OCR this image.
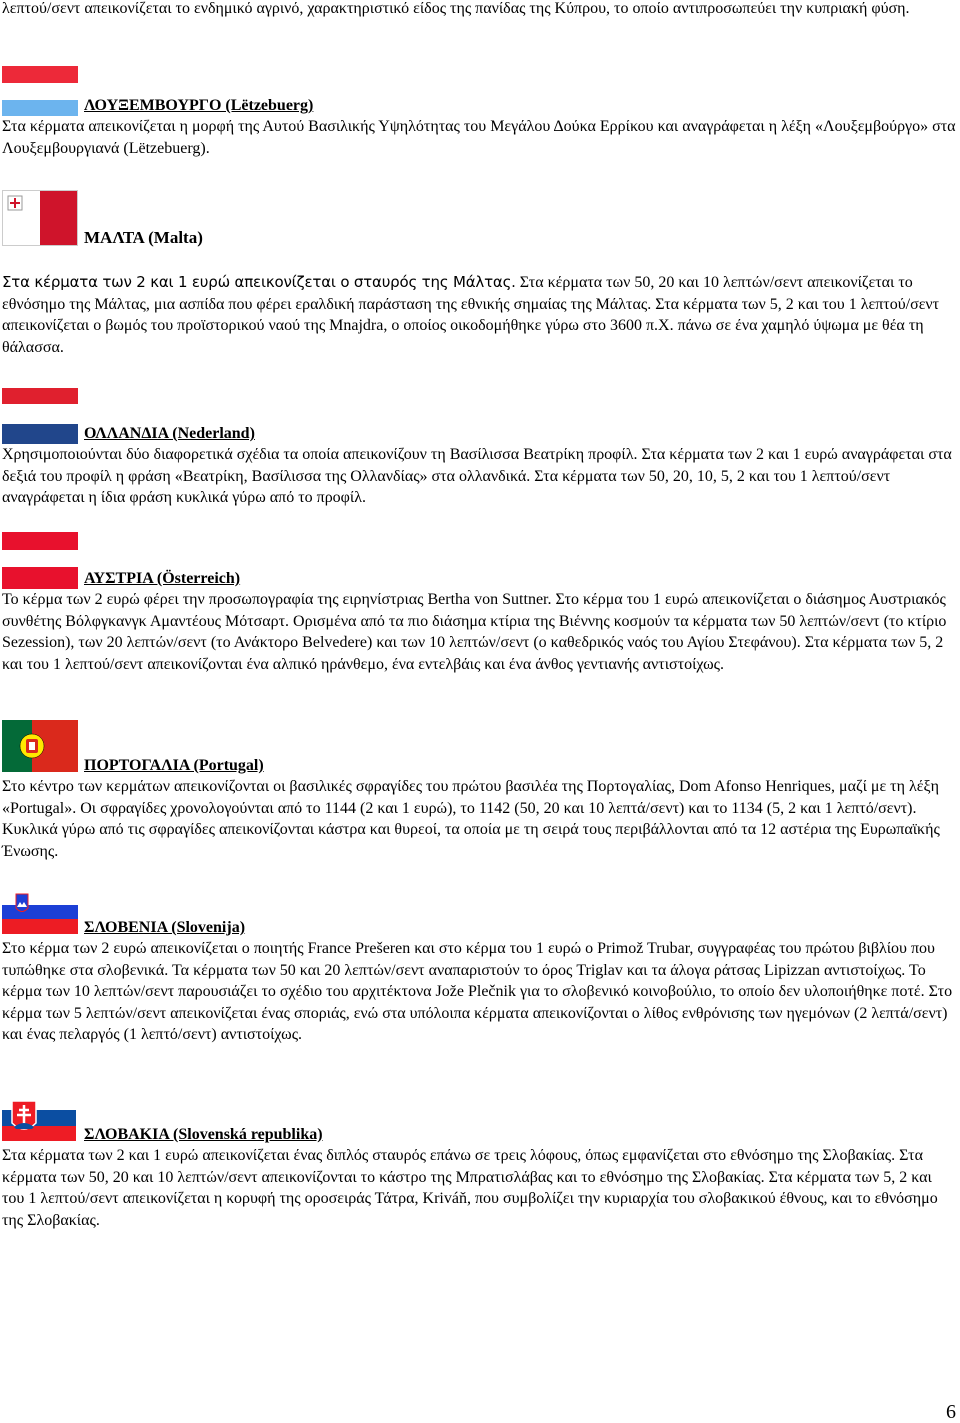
λεπτού/σεντ απεικονίζεται το ενδημικό αγρινό, χαρακτηριστικό είδος της πανίδας της Κύπρου, το οποίο αντιπροσωπεύει την κυπριακή φύση.

ΛΟΥΞΕΜΒΟΥΡΓΟ (Lëtzebuerg)

Στα κέρματα απεικονίζεται η μορφή της Αυτού Βασιλικής Υψηλότητας του Μεγάλου Δούκα Ερρίκου και αναγράφεται η λέξη «Λουξεμβούργο» στα Λουξεμβουργιανά (Lëtzebuerg).

ΜΑΛΤΑ (Malta)

Στα κέρματα των 2 και 1 ευρώ απεικονίζεται ο σταυρός της Μάλτας. Στα κέρματα των 50, 20 και 10 λεπτών/σεντ απεικονίζεται το εθνόσημο της Μάλτας, μια ασπίδα που φέρει εραλδική παράσταση της εθνικής σημαίας της Μάλτας. Στα κέρματα των 5, 2 και του 1 λεπτού/σεντ απεικονίζεται ο βωμός του προϊστορικού ναού της Mnajdra, ο οποίος οικοδομήθηκε γύρω στο 3600 π.Χ. πάνω σε ένα χαμηλό ύψωμα με θέα τη θάλασσα.

ΟΛΛΑΝΔΙΑ (Nederland)

Χρησιμοποιούνται δύο διαφορετικά σχέδια τα οποία απεικονίζουν τη Βασίλισσα Βεατρίκη προφίλ. Στα κέρματα των 2 και 1 ευρώ αναγράφεται στα δεξιά του προφίλ η φράση «Βεατρίκη, Βασίλισσα της Ολλανδίας» στα ολλανδικά. Στα κέρματα των 50, 20, 10, 5, 2 και του 1 λεπτού/σεντ αναγράφεται η ίδια φράση κυκλικά γύρω από το προφίλ.

ΑΥΣΤΡΙΑ (Österreich)

Το κέρμα των 2 ευρώ φέρει την προσωπογραφία της ειρηνίστριας Bertha von Suttner. Στο κέρμα του 1 ευρώ απεικονίζεται ο διάσημος Αυστριακός συνθέτης Βόλφγκανγκ Αμαντέους Μότσαρτ. Ορισμένα από τα πιο διάσημα κτίρια της Βιέννης κοσμούν τα κέρματα των 50 λεπτών/σεντ (το κτίριο Sezession), των 20 λεπτών/σεντ (το Ανάκτορο Belvedere) και των 10 λεπτών/σεντ (ο καθεδρικός ναός του Αγίου Στεφάνου). Στα κέρματα των 5, 2 και του 1 λεπτού/σεντ απεικονίζονται ένα αλπικό ηράνθεμο, ένα εντελβάις και ένα άνθος γεντιανής αντιστοίχως.

ΠΟΡΤΟΓΑΛΙΑ (Portugal)

Στο κέντρο των κερμάτων απεικονίζονται οι βασιλικές σφραγίδες του πρώτου βασιλέα της Πορτογαλίας, Dom Afonso Henriques, μαζί με τη λέξη «Portugal». Οι σφραγίδες χρονολογούνται από το 1144 (2 και 1 ευρώ), το 1142 (50, 20 και 10 λεπτά/σεντ) και το 1134 (5, 2 και 1 λεπτό/σεντ). Κυκλικά γύρω από τις σφραγίδες απεικονίζονται κάστρα και θυρεοί, τα οποία με τη σειρά τους περιβάλλονται από τα 12 αστέρια της Ευρωπαϊκής Ένωσης.

ΣΛΟΒΕΝΙΑ (Slovenija)

Στο κέρμα των 2 ευρώ απεικονίζεται ο ποιητής France Prešeren και στο κέρμα του 1 ευρώ ο Primož Trubar, συγγραφέας του πρώτου βιβλίου που τυπώθηκε στα σλοβενικά. Τα κέρματα των 50 και 20 λεπτών/σεντ αναπαριστούν το όρος Triglav και τα άλογα ράτσας Lipizzan αντιστοίχως. Το κέρμα των 10 λεπτών/σεντ παρουσιάζει το σχέδιο του αρχιτέκτονα Jože Plečnik για το σλοβενικό κοινοβούλιο, το οποίο δεν υλοποιήθηκε ποτέ. Στο κέρμα των 5 λεπτών/σεντ απεικονίζεται ένας σποριάς, ενώ στα υπόλοιπα κέρματα απεικονίζονται ο λίθος ενθρόνισης των ηγεμόνων (2 λεπτά/σεντ) και ένας πελαργός (1 λεπτό/σεντ) αντιστοίχως.

ΣΛΟΒΑΚΙΑ (Slovenská republika)

Στα κέρματα των 2 και 1 ευρώ απεικονίζεται ένας διπλός σταυρός επάνω σε τρεις λόφους, όπως εμφανίζεται στο εθνόσημο της Σλοβακίας. Στα κέρματα των 50, 20 και 10 λεπτών/σεντ απεικονίζονται το κάστρο της Μπρατισλάβας και το εθνόσημο της Σλοβακίας. Στα κέρματα των 5, 2 και του 1 λεπτού/σεντ απεικονίζεται η κορυφή της οροσειράς Τάτρα, Kriváň, που συμβολίζει την κυριαρχία του σλοβακικού έθνους, και το εθνόσημο της Σλοβακίας.

6
